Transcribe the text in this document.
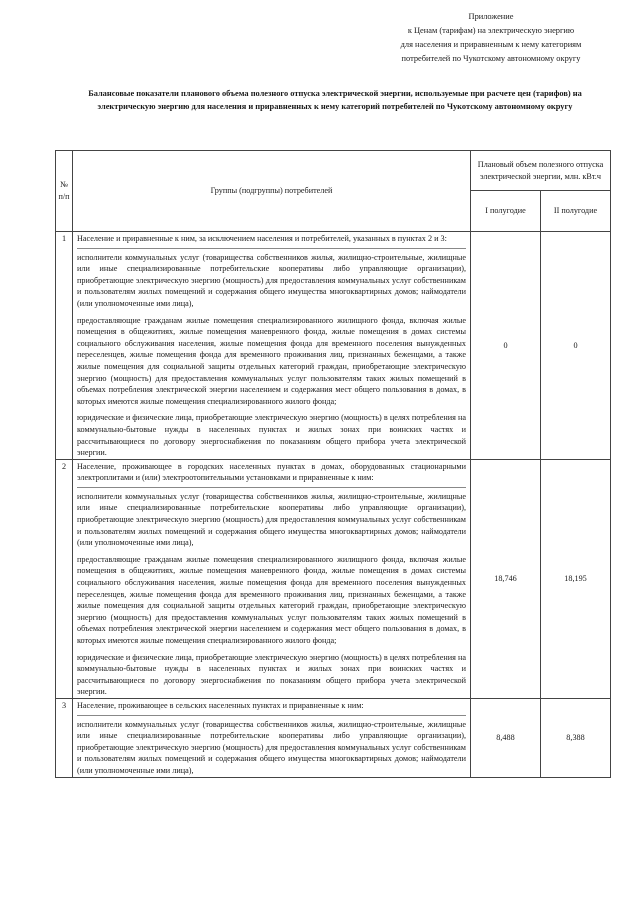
Приложение
к Ценам (тарифам) на электрическую энергию
для населения и приравненным к нему категориям
потребителей по Чукотскому автономному округу
Балансовые показатели планового объема полезного отпуска электрической энергии, используемые при расчете цен (тарифов) на электрическую энергию для населения и приравненных к нему категорий потребителей по Чукотскому автономному округу
№ п/п	Группы (подгруппы) потребителей	Плановый объем полезного отпуска электрической энергии, млн. кВт.ч	
		I полугодие	II полугодие
1	Население и приравненные к ним, за исключением населения и потребителей, указанных в пунктах 2 и 3:

исполнители коммунальных услуг (товарищества собственников жилья, жилищно-строительные, жилищные или иные специализированные потребительские кооперативы либо управляющие организации), приобретающие электрическую энергию (мощность) для предоставления коммунальных услуг собственникам и пользователям жилых помещений и содержания общего имущества многоквартирных домов; наймодатели (или уполномоченные ими лица),

предоставляющие гражданам жилые помещения специализированного жилищного фонда, включая жилые помещения в общежитиях, жилые помещения маневренного фонда, жилые помещения в домах системы социального обслуживания населения, жилые помещения фонда для временного поселения вынужденных переселенцев, жилые помещения фонда для временного проживания лиц, признанных беженцами, а также жилые помещения для социальной защиты отдельных категорий граждан, приобретающие электрическую энергию (мощность) для предоставления коммунальных услуг пользователям таких жилых помещений в объемах потребления электрической энергии населением и содержания мест общего пользования в домах, в которых имеются жилые помещения специализированного жилого фонда;

юридические и физические лица, приобретающие электрическую энергию (мощность) в целях потребления на коммунально-бытовые нужды в населенных пунктах и жилых зонах при воинских частях и рассчитывающиеся по договору энергоснабжения по показаниям общего прибора учета электрической энергии.	0	0
2	Население, проживающее в городских населенных пунктах в домах, оборудованных стационарными электроплитами и (или) электроотопительными установками и приравненные к ним:

исполнители коммунальных услуг (товарищества собственников жилья, жилищно-строительные, жилищные или иные специализированные потребительские кооперативы либо управляющие организации), приобретающие электрическую энергию (мощность) для предоставления коммунальных услуг собственникам и пользователям жилых помещений и содержания общего имущества многоквартирных домов; наймодатели (или уполномоченные ими лица),

предоставляющие гражданам жилые помещения специализированного жилищного фонда, включая жилые помещения в общежитиях, жилые помещения маневренного фонда, жилые помещения в домах системы социального обслуживания населения, жилые помещения фонда для временного поселения вынужденных переселенцев, жилые помещения фонда для временного проживания лиц, признанных беженцами, а также жилые помещения для социальной защиты отдельных категорий граждан, приобретающие электрическую энергию (мощность) для предоставления коммунальных услуг пользователям таких жилых помещений в объемах потребления электрической энергии населением и содержания мест общего пользования в домах, в которых имеются жилые помещения специализированного жилого фонда;

юридические и физические лица, приобретающие электрическую энергию (мощность) в целях потребления на коммунально-бытовые нужды в населенных пунктах и жилых зонах при воинских частях и рассчитывающиеся по договору энергоснабжения по показаниям общего прибора учета электрической энергии.	18,746	18,195
3	Население, проживающее в сельских населенных пунктах и приравненные к ним:

исполнители коммунальных услуг (товарищества собственников жилья, жилищно-строительные, жилищные или иные специализированные потребительские кооперативы либо управляющие организации), приобретающие электрическую энергию (мощность) для предоставления коммунальных услуг собственникам и пользователям жилых помещений и содержания общего имущества многоквартирных домов; наймодатели (или уполномоченные ими лица),	8,488	8,388
